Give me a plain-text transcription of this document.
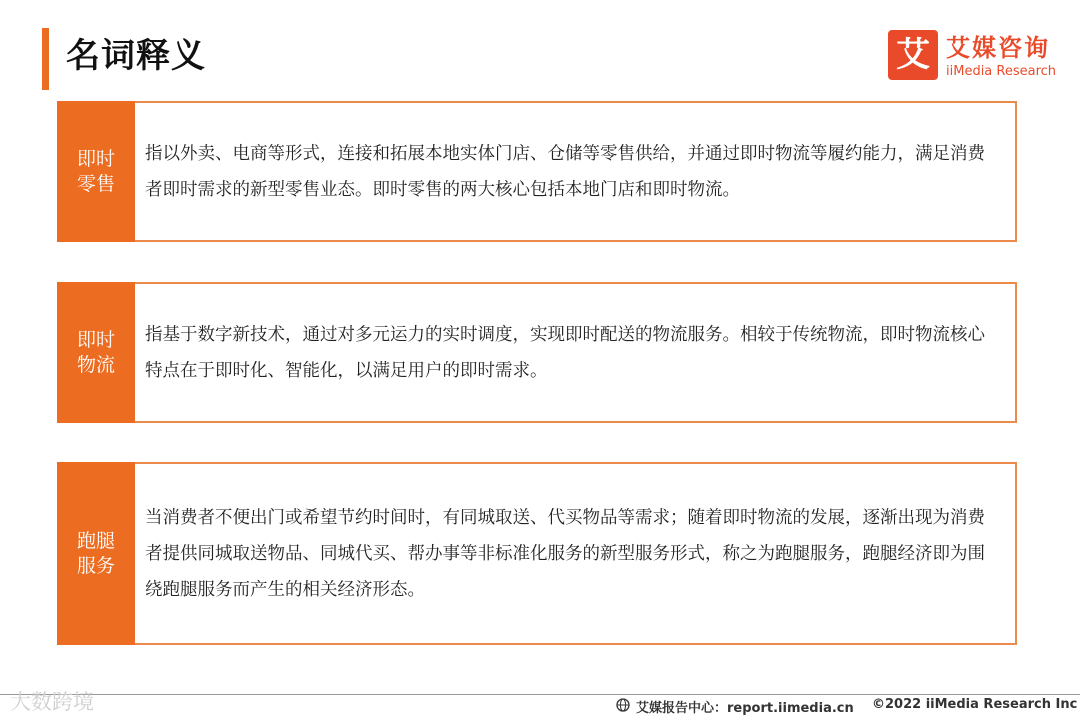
名词释义	艾 艾媒咨询
iiMedia Research
即时零售
指以外卖、电商等形式，连接和拓展本地实体门店、仓储等零售供给，并通过即时物流等履约能力，满足消费者即时需求的新型零售业态。即时零售的两大核心包括本地门店和即时物流。
即时物流
指基于数字新技术，通过对多元运力的实时调度，实现即时配送的物流服务。相较于传统物流，即时物流核心特点在于即时化、智能化，以满足用户的即时需求。
跑腿服务
当消费者不便出门或希望节约时间时，有同城取送、代买物品等需求；随着即时物流的发展，逐渐出现为消费者提供同城取送物品、同城代买、帮办事等非标准化服务的新型服务形式，称之为跑腿服务，跑腿经济即为围绕跑腿服务而产生的相关经济形态。
大数跨境	艾媒报告中心：report.iimedia.cn ©2022 iiMedia Research Inc
